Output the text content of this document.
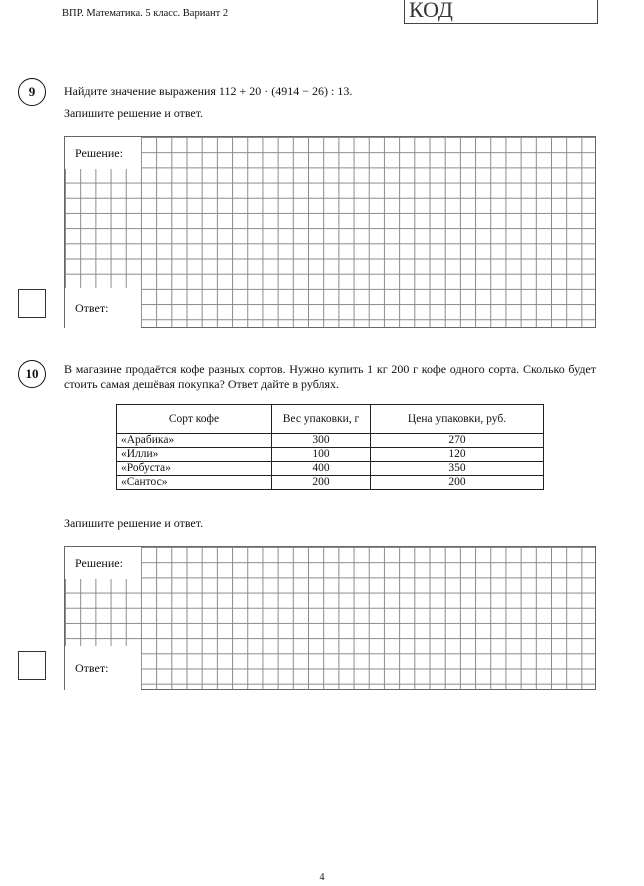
ВПР. Математика. 5 класс. Вариант 2	КОД
9	Найдите значение выражения 112 + 20 · (4914 − 26) : 13.
Запишите решение и ответ.
Решение:
Ответ:
10	В магазине продаётся кофе разных сортов. Нужно купить 1 кг 200 г кофе одного сорта. Сколько будет стоить самая дешёвая покупка? Ответ дайте в рублях.
Сорт кофе	Вес упаковки, г	Цена упаковки, руб.
«Арабика»	300	270
«Илли»	100	120
«Робуста»	400	350
«Сантос»	200	200
Запишите решение и ответ.
Решение:
Ответ:
4
